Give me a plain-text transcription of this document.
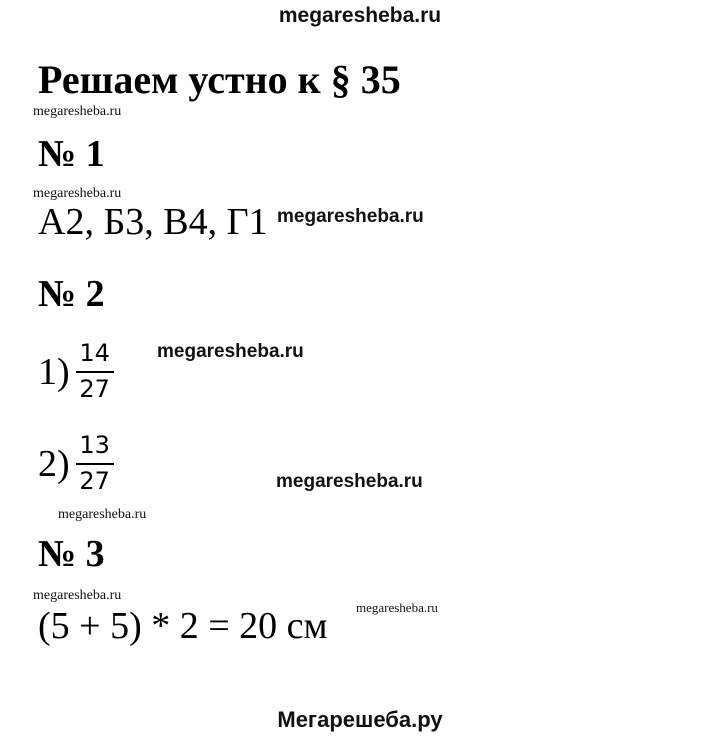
megaresheba.ru
Решаем устно к § 35
megaresheba.ru
№ 1
megaresheba.ru
А2, Б3, В4, Г1 megaresheba.ru
№ 2
$1) \frac{14}{27}$ megaresheba.ru
$2) \frac{13}{27}$	megaresheba.ru
megaresheba.ru
№ 3
megaresheba.ru
megaresheba.ru
(5 + 5) * 2 = 20 см
Мегарешеба.ру
